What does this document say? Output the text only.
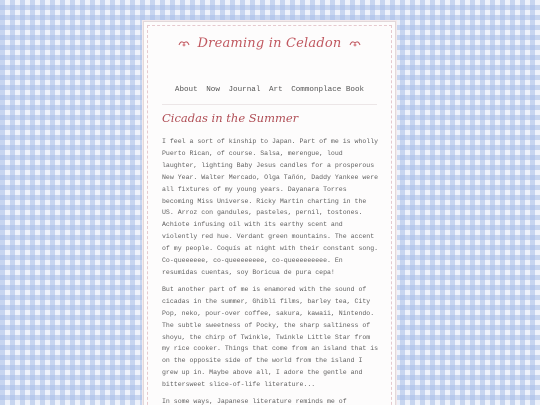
Dreaming in Celadon
About Now Journal Art Commonplace Book
Cicadas in the Summer

I feel a sort of kinship to Japan. Part of me is wholly Puerto Rican, of course. Salsa, merengue, loud laughter, lighting Baby Jesus candles for a prosperous New Year. Walter Mercado, Olga Tañón, Daddy Yankee were all fixtures of my young years. Dayanara Torres becoming Miss Universe. Ricky Martin charting in the US. Arroz con gandules, pasteles, pernil, tostones. Achiote infusing oil with its earthy scent and violently red hue. Verdant green mountains. The accent of my people. Coquís at night with their constant song. Co-queeeeee, co-queeeeeeee, co-queeeeeeeee. En resumidas cuentas, soy Boricua de pura cepa!

But another part of me is enamored with the sound of cicadas in the summer, Ghibli films, barley tea, City Pop, neko, pour-over coffee, sakura, kawaii, Nintendo. The subtle sweetness of Pocky, the sharp saltiness of shoyu, the chirp of Twinkle, Twinkle Little Star from my rice cooker. Things that come from an island that is on the opposite side of the world from the island I grew up in. Maybe above all, I adore the gentle and bittersweet slice-of-life literature...

In some ways, Japanese literature reminds me of
